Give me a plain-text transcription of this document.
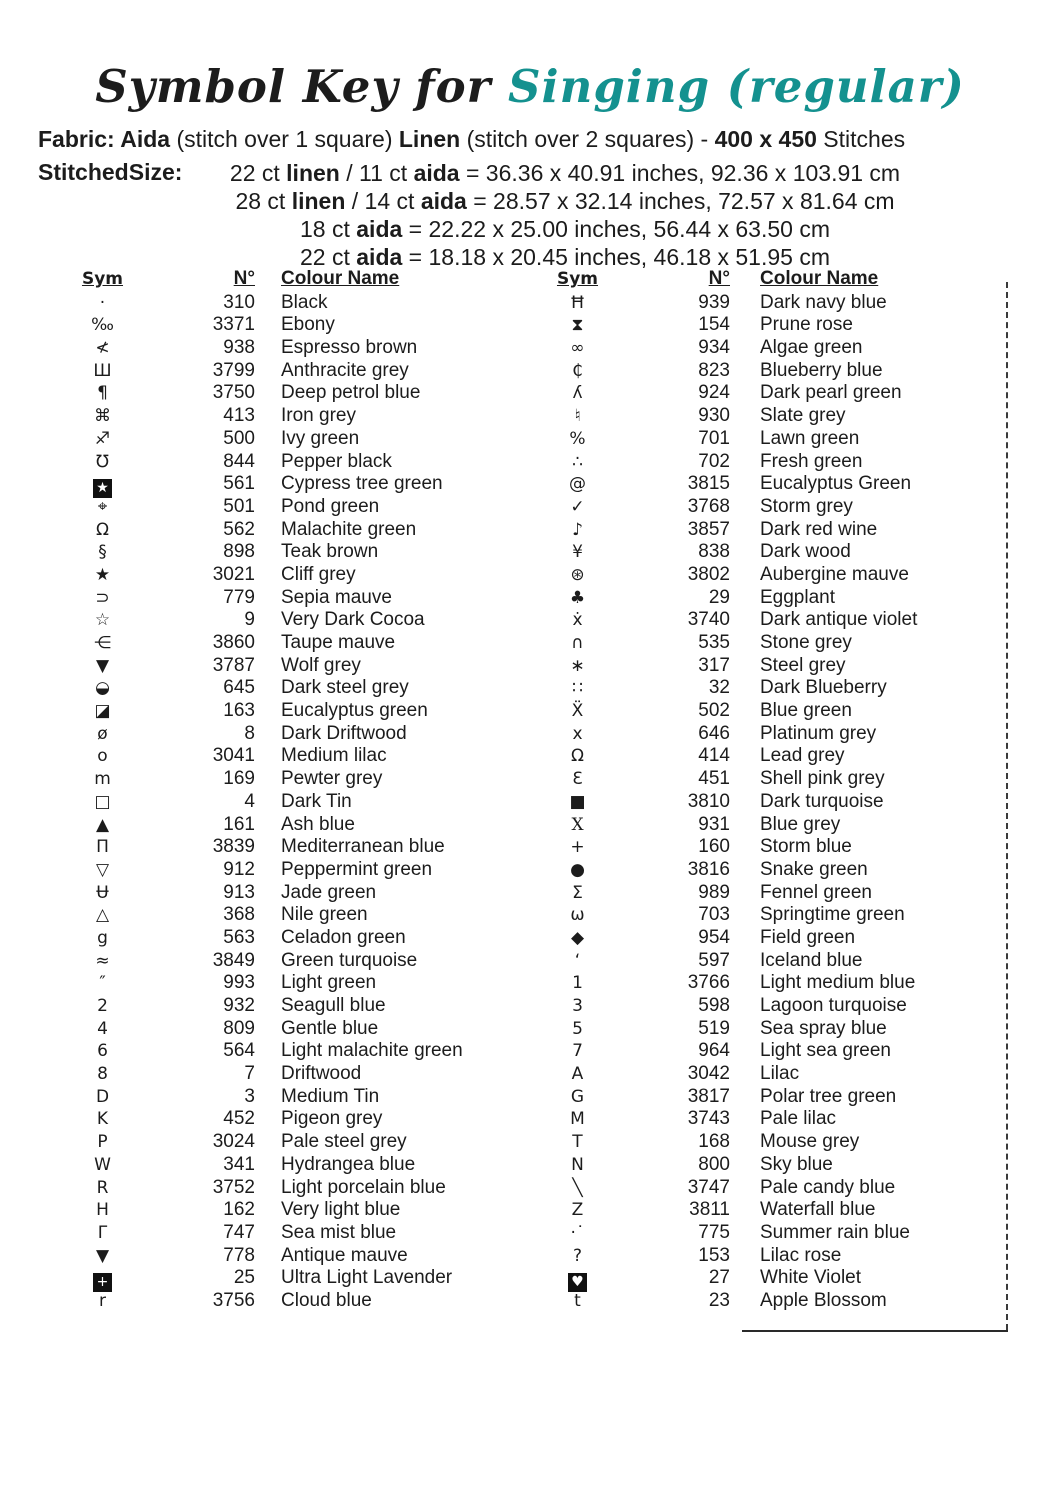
Symbol Key for Singing (regular)
Fabric: Aida (stitch over 1 square) Linen (stitch over 2 squares) - 400 x 450 Stitches
StitchedSize:	22 ct linen / 11 ct aida = 36.36 x 40.91 inches, 92.36 x 103.91 cm
28 ct linen / 14 ct aida = 28.57 x 32.14 inches, 72.57 x 81.64 cm
18 ct aida = 22.22 x 25.00 inches, 56.44 x 63.50 cm
22 ct aida = 18.18 x 20.45 inches, 46.18 x 51.95 cm
Sym	N°	Colour Name
·	310	Black
‰	3371	Ebony
≮	938	Espresso brown
Ш	3799	Anthracite grey
¶	3750	Deep petrol blue
⌘	413	Iron grey
♐	500	Ivy green
℧	844	Pepper black
★	561	Cypress tree green
⌖	501	Pond green
Ω	562	Malachite green
§	898	Teak brown
★	3021	Cliff grey
⊃	779	Sepia mauve
☆	9	Very Dark Cocoa
⋲	3860	Taupe mauve
▼	3787	Wolf grey
◒	645	Dark steel grey
◪	163	Eucalyptus green
ø	8	Dark Driftwood
o	3041	Medium lilac
m	169	Pewter grey
□	4	Dark Tin
▲	161	Ash blue
Π	3839	Mediterranean blue
▽	912	Peppermint green
Ʉ	913	Jade green
△	368	Nile green
g	563	Celadon green
≈	3849	Green turquoise
″	993	Light green
2	932	Seagull blue
4	809	Gentle blue
6	564	Light malachite green
8	7	Driftwood
D	3	Medium Tin
K	452	Pigeon grey
P	3024	Pale steel grey
W	341	Hydrangea blue
R	3752	Light porcelain blue
H	162	Very light blue
Γ	747	Sea mist blue
▼	778	Antique mauve
+	25	Ultra Light Lavender
r	3756	Cloud blue
Sym	N°	Colour Name
Ħ	939	Dark navy blue
⧗	154	Prune rose
∞	934	Algae green
₵	823	Blueberry blue
ʎ	924	Dark pearl green
♮	930	Slate grey
%	701	Lawn green
∴	702	Fresh green
@	3815	Eucalyptus Green
✓	3768	Storm grey
♪	3857	Dark red wine
¥	838	Dark wood
⊛	3802	Aubergine mauve
♣	29	Eggplant
ẋ	3740	Dark antique violet
∩	535	Stone grey
∗	317	Steel grey
∷	32	Dark Blueberry
Ẍ	502	Blue green
x	646	Platinum grey
Ω	414	Lead grey
Ɛ	451	Shell pink grey
■	3810	Dark turquoise
X	931	Blue grey
+	160	Storm blue
●	3816	Snake green
Σ	989	Fennel green
ω	703	Springtime green
◆	954	Field green
‘	597	Iceland blue
1	3766	Light medium blue
3	598	Lagoon turquoise
5	519	Sea spray blue
7	964	Light sea green
A	3042	Lilac
G	3817	Polar tree green
M	3743	Pale lilac
T	168	Mouse grey
N	800	Sky blue
╲	3747	Pale candy blue
Z	3811	Waterfall blue
·˙	775	Summer rain blue
?	153	Lilac rose
♥	27	White Violet
t	23	Apple Blossom
